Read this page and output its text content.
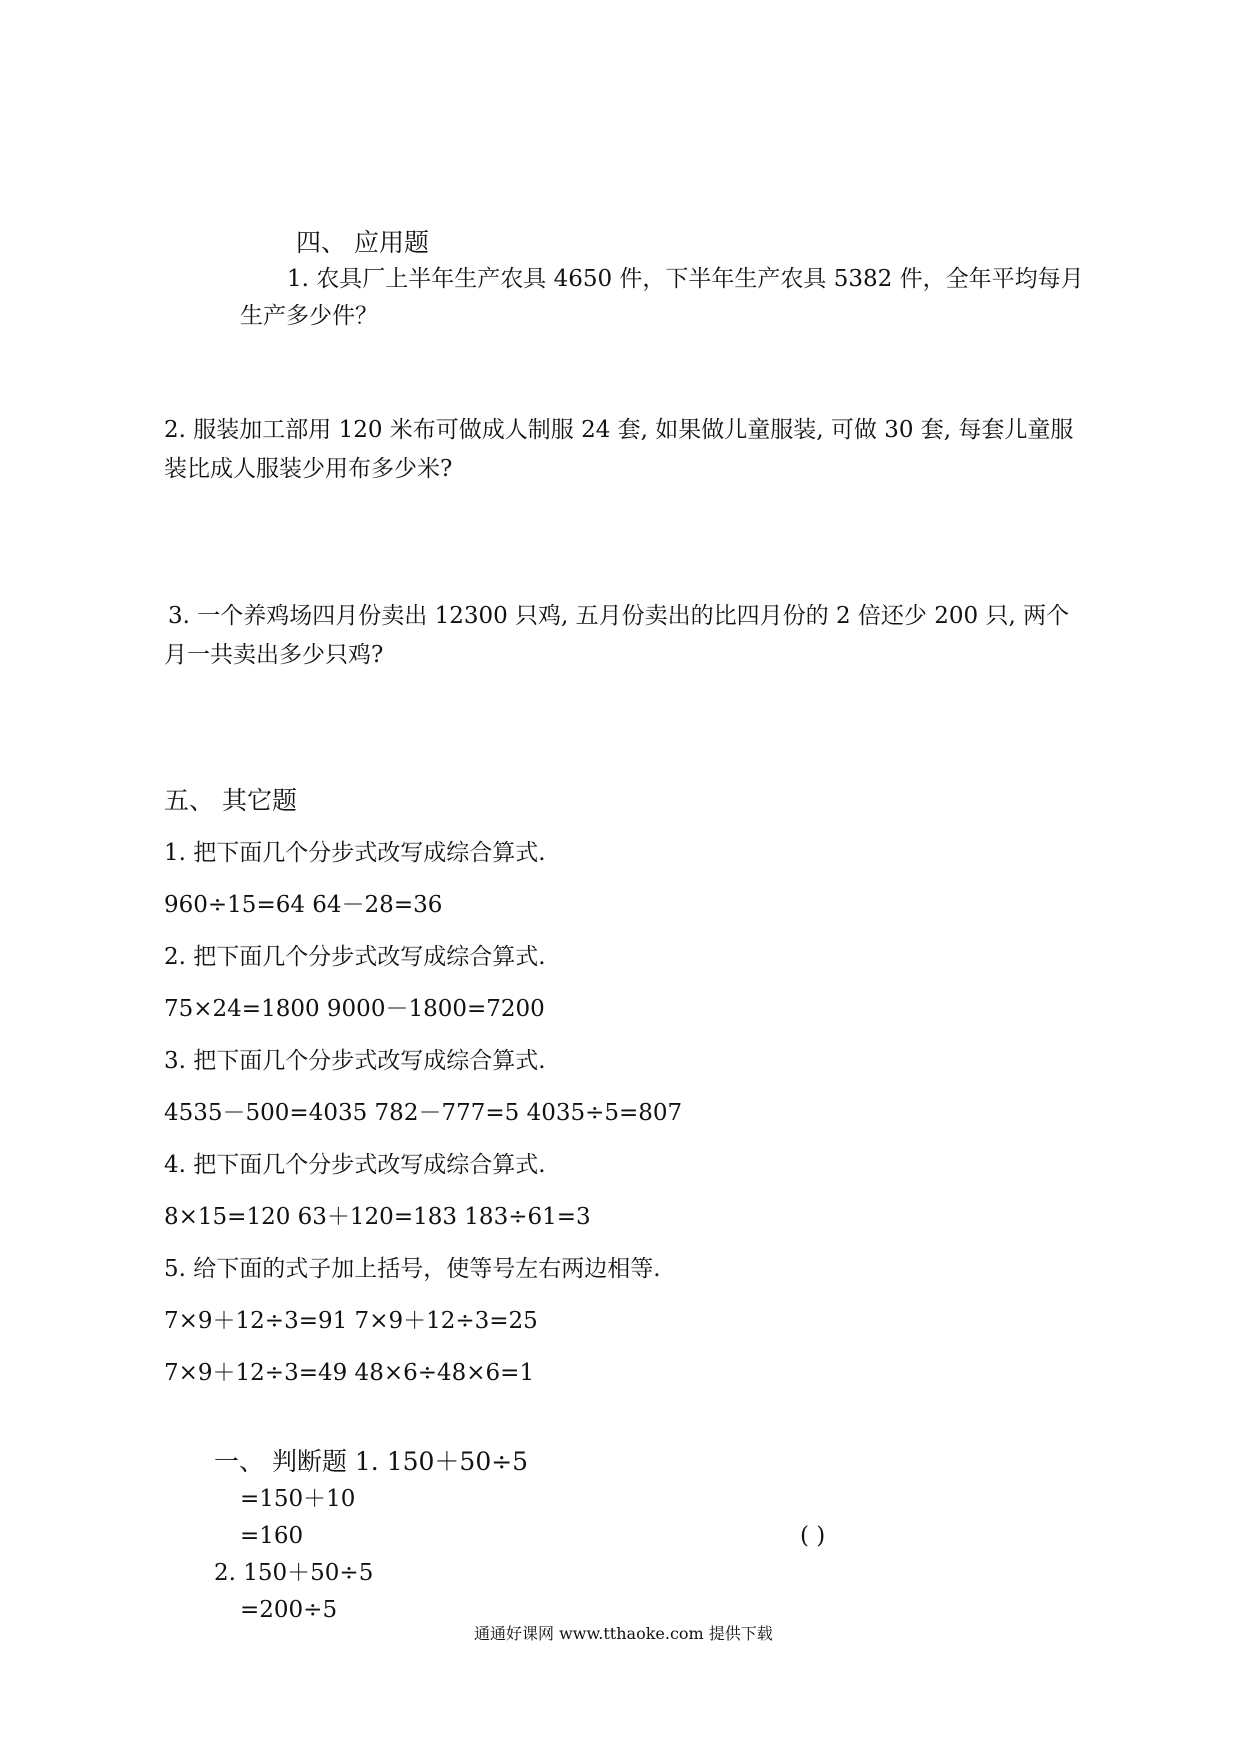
四、 应用题
1. 农具厂上半年生产农具 4650 件，下半年生产农具 5382 件，全年平均每月
生产多少件？
2. 服装加工部用 120 米布可做成人制服 24 套, 如果做儿童服装, 可做 30 套, 每套儿童服
装比成人服装少用布多少米?
3. 一个养鸡场四月份卖出 12300 只鸡, 五月份卖出的比四月份的 2 倍还少 200 只, 两个
月一共卖出多少只鸡?
五、 其它题
1. 把下面几个分步式改写成综合算式.
960÷15=64 64－28=36
2. 把下面几个分步式改写成综合算式.
75×24=1800 9000－1800=7200
3. 把下面几个分步式改写成综合算式.
4535－500=4035 782－777=5 4035÷5=807
4. 把下面几个分步式改写成综合算式.
8×15=120 63＋120=183 183÷61=3
5. 给下面的式子加上括号，使等号左右两边相等.
7×9＋12÷3=91 7×9＋12÷3=25
7×9＋12÷3=49 48×6÷48×6=1
一、 判断题 1. 150＋50÷5
=150＋10
=160	( )
2. 150＋50÷5
=200÷5
通通好课网 www.tthaoke.com 提供下载
